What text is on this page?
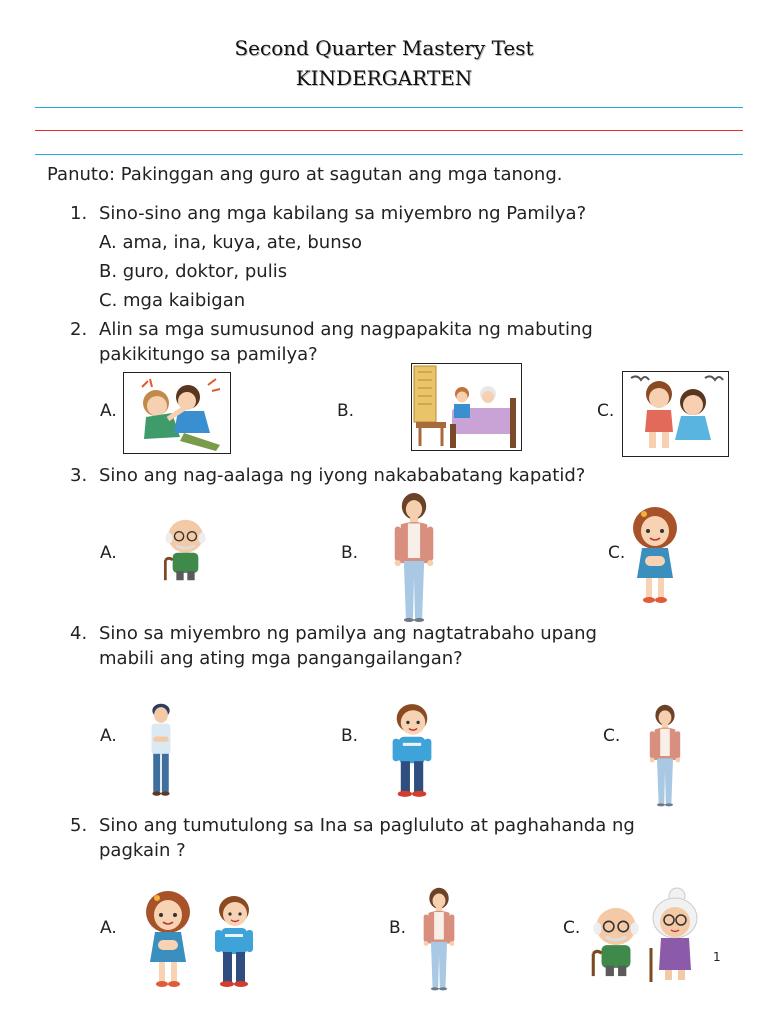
Second Quarter Mastery Test
KINDERGARTEN
Panuto: Pakinggan ang guro at sagutan ang mga tanong.
1. Sino-sino ang mga kabilang sa miyembro ng Pamilya?
A. ama, ina, kuya, ate, bunso
B. guro, doktor, pulis
C. mga kaibigan
2. Alin sa mga sumusunod ang nagpapakita ng mabuting
pakikitungo sa pamilya?
A.	B.	C.
3. Sino ang nag-aalaga ng iyong nakababatang kapatid?
A.	B.	C.
4. Sino sa miyembro ng pamilya ang nagtatrabaho upang
mabili ang ating mga pangangailangan?
A.	B.	C.
5. Sino ang tumutulong sa Ina sa pagluluto at paghahanda ng
pagkain ?
A.	B.	C.
1
